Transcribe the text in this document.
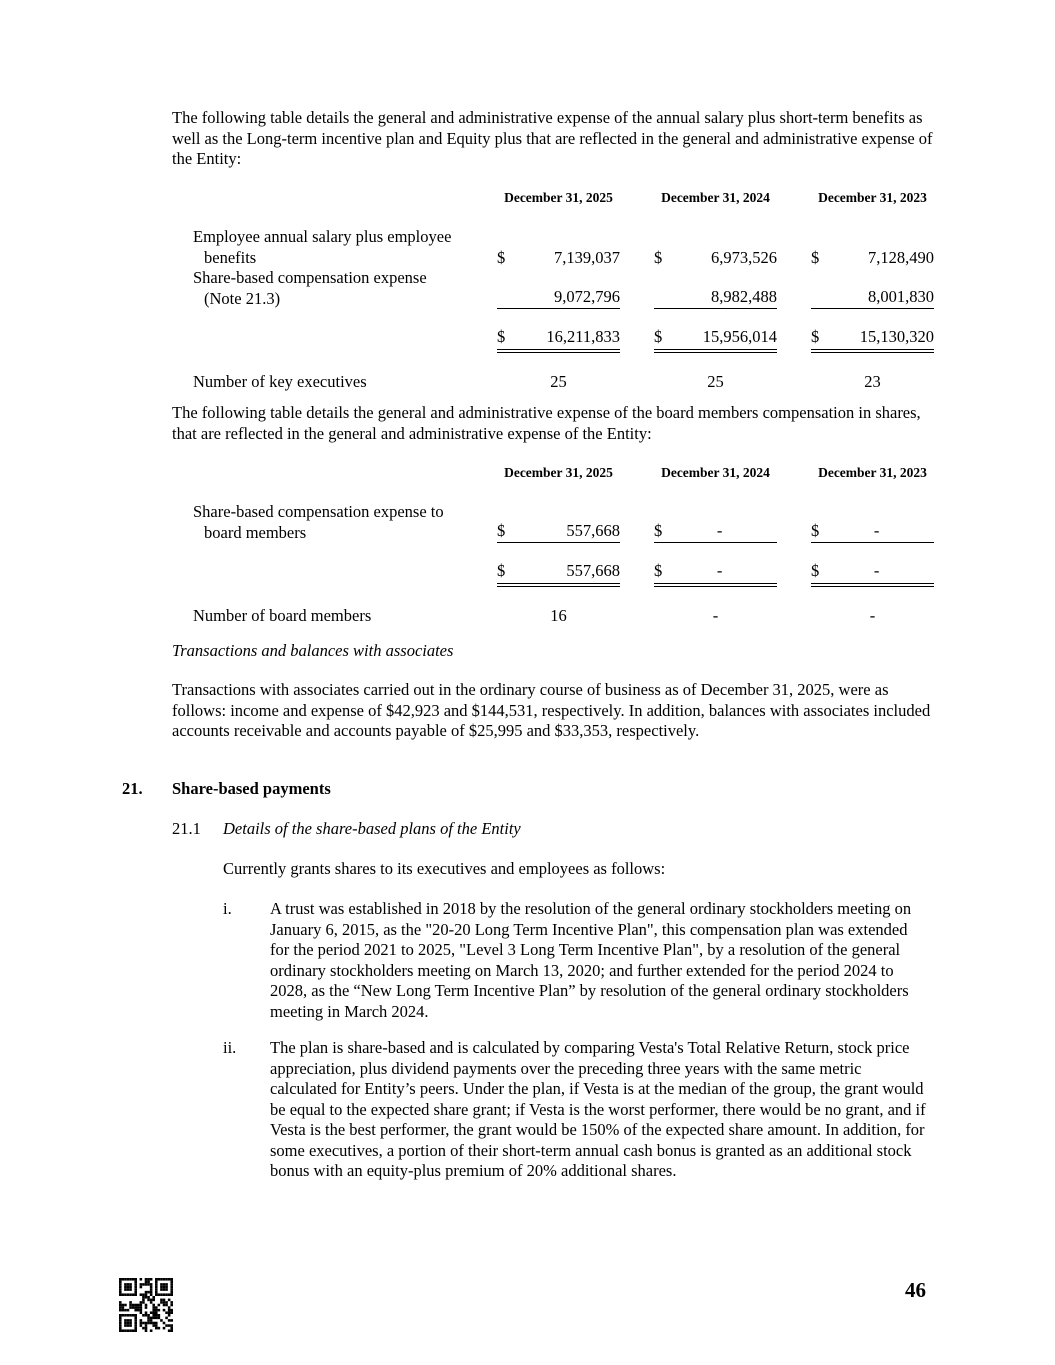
The following table details the general and administrative expense of the annual salary plus short-term benefits as well as the Long-term incentive plan and Equity plus that are reflected in the general and administrative expense of the Entity:

December 31, 2025	December 31, 2024	December 31, 2023
Employee annual salary plus employee
benefits	$	7,139,037 $	6,973,526 $	7,128,490
Share-based compensation expense
(Note 21.3)	9,072,796	8,982,488	8,001,830
$ 16,211,833 $ 15,956,014 $ 15,130,320
Number of key executives	25	25	23

The following table details the general and administrative expense of the board members compensation in shares, that are reflected in the general and administrative expense of the Entity:

December 31, 2025	December 31, 2024	December 31, 2023
Share-based compensation expense to
board members	$	557,668 $	-	$	-
$	557,668 $	-	$	-
Number of board members	16	-	-

Transactions and balances with associates

Transactions with associates carried out in the ordinary course of business as of December 31, 2025, were as follows: income and expense of $42,923 and $144,531, respectively. In addition, balances with associates included accounts receivable and accounts payable of $25,995 and $33,353, respectively.

21.	Share-based payments
21.1	Details of the share-based plans of the Entity

Currently grants shares to its executives and employees as follows:

i.	A trust was established in 2018 by the resolution of the general ordinary stockholders meeting on January 6, 2015, as the "20-20 Long Term Incentive Plan", this compensation plan was extended for the period 2021 to 2025, "Level 3 Long Term Incentive Plan", by a resolution of the general ordinary stockholders meeting on March 13, 2020; and further extended for the period 2024 to 2028, as the “New Long Term Incentive Plan” by resolution of the general ordinary stockholders meeting in March 2024.
ii.	The plan is share-based and is calculated by comparing Vesta's Total Relative Return, stock price appreciation, plus dividend payments over the preceding three years with the same metric calculated for Entity’s peers. Under the plan, if Vesta is at the median of the group, the grant would be equal to the expected share grant; if Vesta is the worst performer, there would be no grant, and if Vesta is the best performer, the grant would be 150% of the expected share amount. In addition, for some executives, a portion of their short-term annual cash bonus is granted as an additional stock bonus with an equity-plus premium of 20% additional shares.
46
